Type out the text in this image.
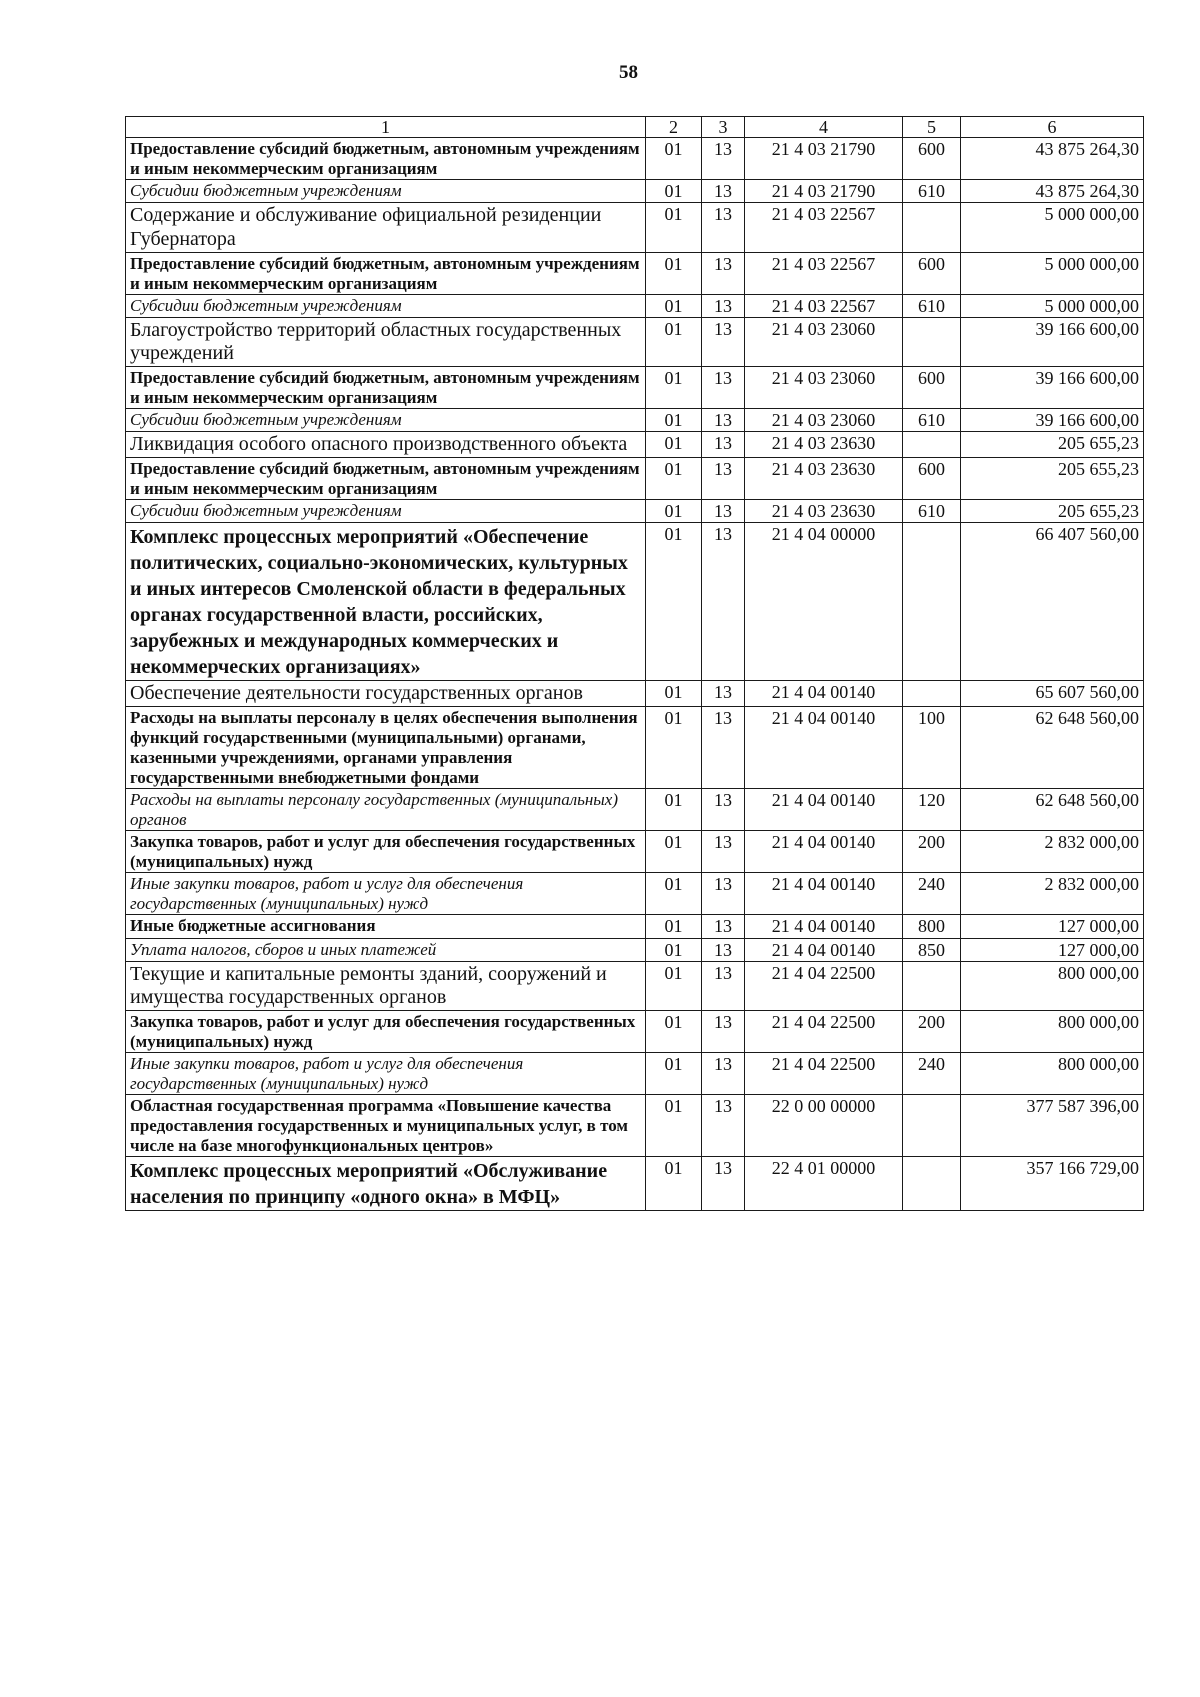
58
1	2	3	4	5	6
Предоставление субсидий бюджетным, автономным учреждениям и иным некоммерческим организациям	01	13	21 4 03 21790	600	43 875 264,30
Субсидии бюджетным учреждениям	01	13	21 4 03 21790	610	43 875 264,30
Содержание и обслуживание официальной резиденции Губернатора	01	13	21 4 03 22567		5 000 000,00
Предоставление субсидий бюджетным, автономным учреждениям и иным некоммерческим организациям	01	13	21 4 03 22567	600	5 000 000,00
Субсидии бюджетным учреждениям	01	13	21 4 03 22567	610	5 000 000,00
Благоустройство территорий областных государственных учреждений	01	13	21 4 03 23060		39 166 600,00
Предоставление субсидий бюджетным, автономным учреждениям и иным некоммерческим организациям	01	13	21 4 03 23060	600	39 166 600,00
Субсидии бюджетным учреждениям	01	13	21 4 03 23060	610	39 166 600,00
Ликвидация особого опасного производственного объекта	01	13	21 4 03 23630		205 655,23
Предоставление субсидий бюджетным, автономным учреждениям и иным некоммерческим организациям	01	13	21 4 03 23630	600	205 655,23
Субсидии бюджетным учреждениям	01	13	21 4 03 23630	610	205 655,23
Комплекс процессных мероприятий «Обеспечение политических, социально-экономических, культурных и иных интересов Смоленской области в федеральных органах государственной власти, российских, зарубежных и международных коммерческих и некоммерческих организациях»	01	13	21 4 04 00000		66 407 560,00
Обеспечение деятельности государственных органов	01	13	21 4 04 00140		65 607 560,00
Расходы на выплаты персоналу в целях обеспечения выполнения функций государственными (муниципальными) органами, казенными учреждениями, органами управления государственными внебюджетными фондами	01	13	21 4 04 00140	100	62 648 560,00
Расходы на выплаты персоналу государственных (муниципальных) органов	01	13	21 4 04 00140	120	62 648 560,00
Закупка товаров, работ и услуг для обеспечения государственных (муниципальных) нужд	01	13	21 4 04 00140	200	2 832 000,00
Иные закупки товаров, работ и услуг для обеспечения государственных (муниципальных) нужд	01	13	21 4 04 00140	240	2 832 000,00
Иные бюджетные ассигнования	01	13	21 4 04 00140	800	127 000,00
Уплата налогов, сборов и иных платежей	01	13	21 4 04 00140	850	127 000,00
Текущие и капитальные ремонты зданий, сооружений и имущества государственных органов	01	13	21 4 04 22500		800 000,00
Закупка товаров, работ и услуг для обеспечения государственных (муниципальных) нужд	01	13	21 4 04 22500	200	800 000,00
Иные закупки товаров, работ и услуг для обеспечения государственных (муниципальных) нужд	01	13	21 4 04 22500	240	800 000,00
Областная государственная программа «Повышение качества предоставления государственных и муниципальных услуг, в том числе на базе многофункциональных центров»	01	13	22 0 00 00000		377 587 396,00
Комплекс процессных мероприятий «Обслуживание населения по принципу «одного окна» в МФЦ»	01	13	22 4 01 00000		357 166 729,00
